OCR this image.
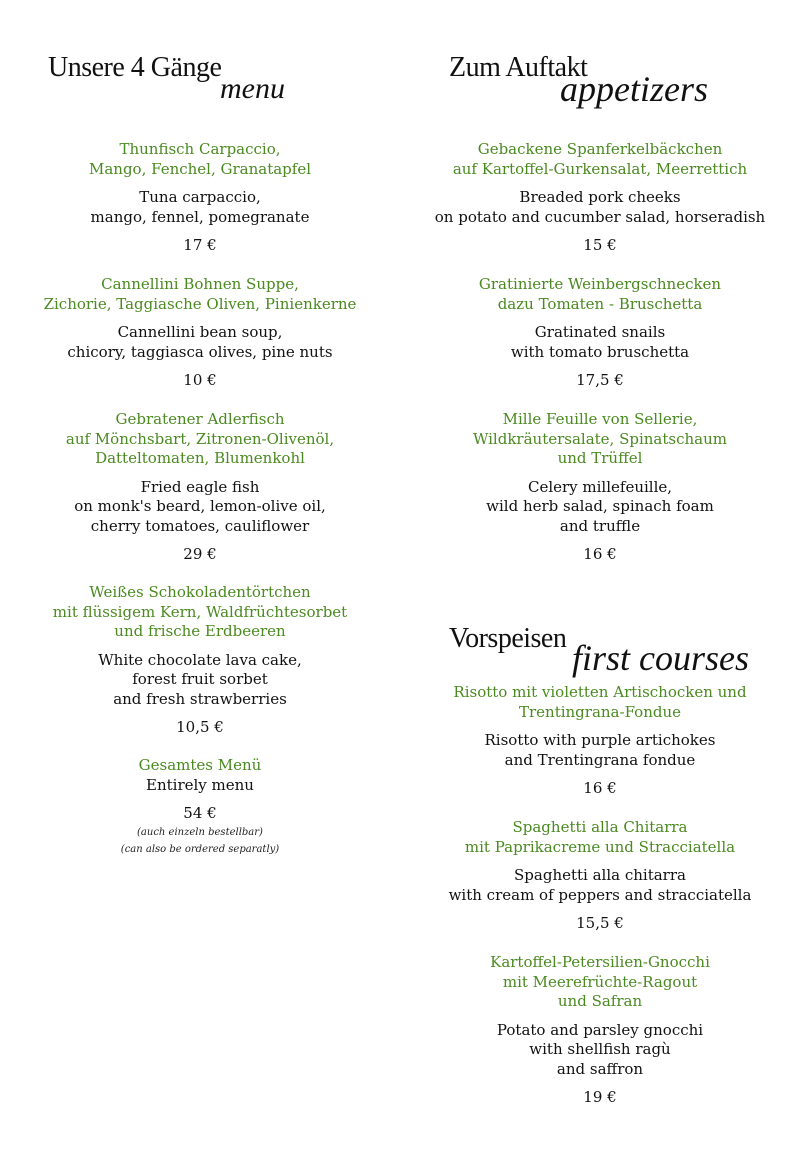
Unsere 4 Gänge
menu
Thunfisch Carpaccio,
Mango, Fenchel, Granatapfel
Tuna carpaccio,
mango, fennel, pomegranate
17 €
Cannellini Bohnen Suppe,
Zichorie, Taggiasche Oliven, Pinienkerne
Cannellini bean soup,
chicory, taggiasca olives, pine nuts
10 €
Gebratener Adlerfisch
auf Mönchsbart, Zitronen-Olivenöl,
Datteltomaten, Blumenkohl
Fried eagle fish
on monk's beard, lemon-olive oil,
cherry tomatoes, cauliflower
29 €
Weißes Schokoladentörtchen
mit flüssigem Kern, Waldfrüchtesorbet
und frische Erdbeeren
White chocolate lava cake,
forest fruit sorbet
and fresh strawberries
10,5 €
Gesamtes Menü
Entirely menu
54 €
(auch einzeln bestellbar)
(can also be ordered separatly)
Zum Auftakt
appetizers
Gebackene Spanferkelbäckchen
auf Kartoffel-Gurkensalat, Meerrettich
Breaded pork cheeks
on potato and cucumber salad, horseradish
15 €
Gratinierte Weinbergschnecken
dazu Tomaten - Bruschetta
Gratinated snails
with tomato bruschetta
17,5 €
Mille Feuille von Sellerie,
Wildkräutersalate, Spinatschaum
und Trüffel
Celery millefeuille,
wild herb salad, spinach foam
and truffle
16 €
Vorspeisen first courses
Risotto mit violetten Artischocken und
Trentingrana-Fondue
Risotto with purple artichokes
and Trentingrana fondue
16 €
Spaghetti alla Chitarra
mit Paprikacreme und Stracciatella
Spaghetti alla chitarra
with cream of peppers and stracciatella
15,5 €
Kartoffel-Petersilien-Gnocchi
mit Meerefrüchte-Ragout
und Safran
Potato and parsley gnocchi
with shellfish ragù
and saffron
19 €
